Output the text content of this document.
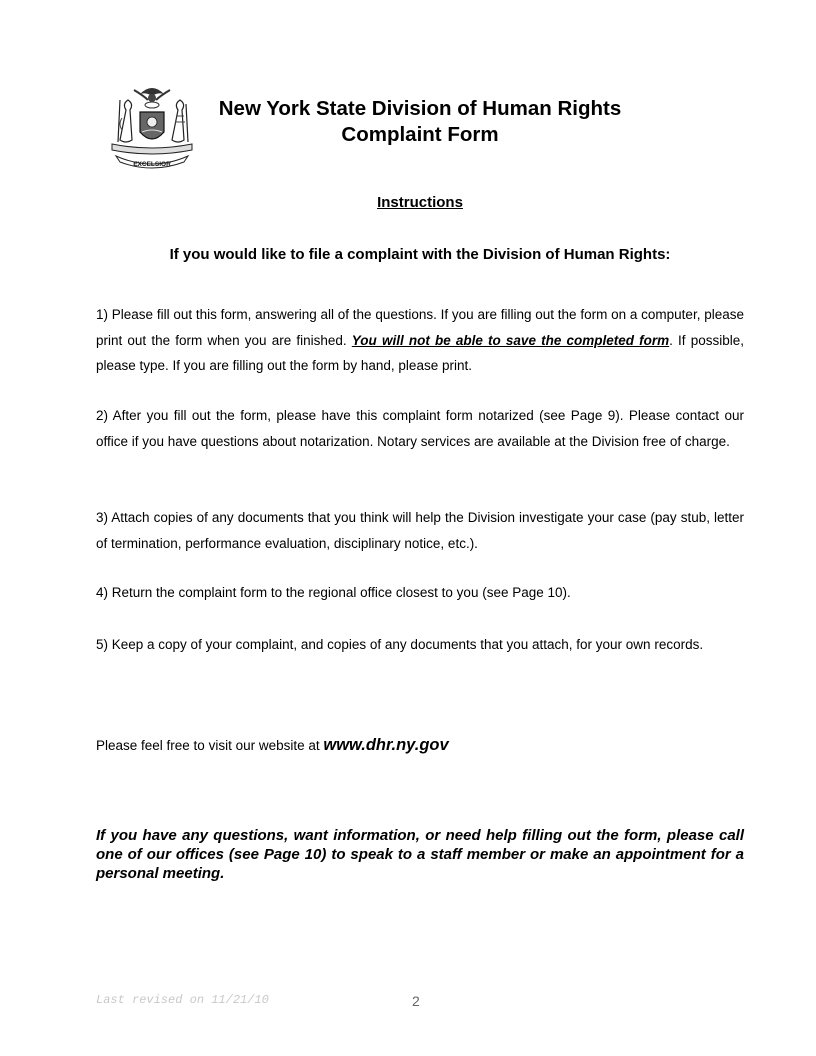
EXCELSIOR
New York State Division of Human Rights
Complaint Form
Instructions
If you would like to file a complaint with the Division of Human Rights:
1) Please fill out this form, answering all of the questions. If you are filling out the form on a computer, please print out the form when you are finished. You will not be able to save the completed form. If possible, please type. If you are filling out the form by hand, please print.
2) After you fill out the form, please have this complaint form notarized (see Page 9). Please contact our office if you have questions about notarization. Notary services are available at the Division free of charge.
3) Attach copies of any documents that you think will help the Division investigate your case (pay stub, letter of termination, performance evaluation, disciplinary notice, etc.).
4) Return the complaint form to the regional office closest to you (see Page 10).
5) Keep a copy of your complaint, and copies of any documents that you attach, for your own records.
Please feel free to visit our website at www.dhr.ny.gov
If you have any questions, want information, or need help filling out the form, please call one of our offices (see Page 10) to speak to a staff member or make an appointment for a personal meeting.
Last revised on 11/21/10	2
